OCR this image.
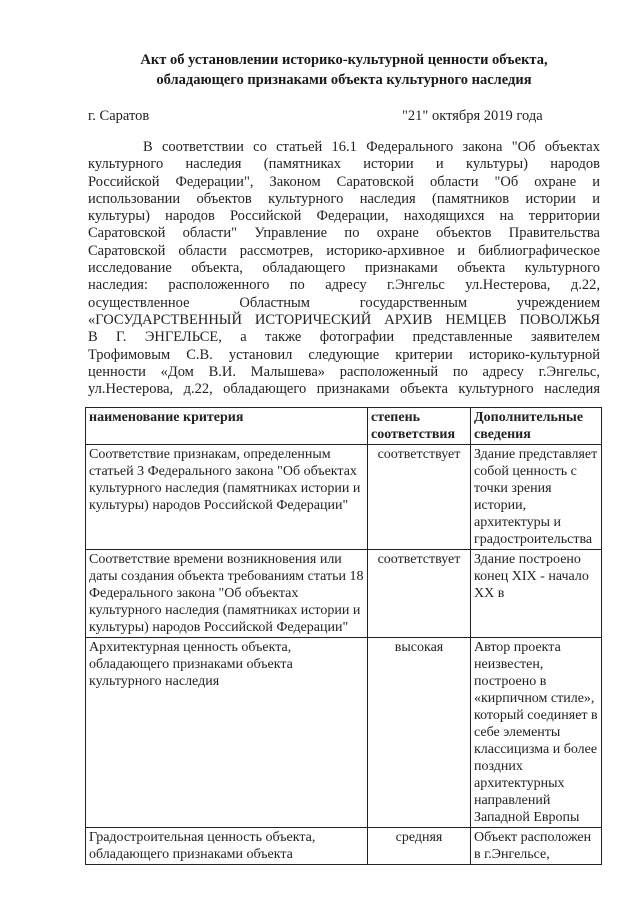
Акт об установлении историко-культурной ценности объекта,
обладающего признаками объекта культурного наследия
г. Саратов	"21" октября 2019 года
В соответствии со статьей 16.1 Федерального закона "Об объектах
культурного наследия (памятниках истории и культуры) народов
Российской Федерации", Законом Саратовской области "Об охране и
использовании объектов культурного наследия (памятников истории и
культуры) народов Российской Федерации, находящихся на территории
Саратовской области" Управление по охране объектов Правительства
Саратовской области рассмотрев, историко-архивное и библиографическое
исследование объекта, обладающего признаками объекта культурного
наследия: расположенного по адресу г.Энгельс ул.Нестерова, д.22,
осуществленное Областным государственным учреждением
«ГОСУДАРСТВЕННЫЙ ИСТОРИЧЕСКИЙ АРХИВ НЕМЦЕВ ПОВОЛЖЬЯ
В Г. ЭНГЕЛЬСЕ, а также фотографии представленные заявителем
Трофимовым С.В. установил следующие критерии историко-культурной
ценности «Дом В.И. Малышева» расположенный по адресу г.Энгельс,
ул.Нестерова, д.22, обладающего признаками объекта культурного наследия
наименование критерия	степень соответствия	Дополнительные сведения
Соответствие признакам, определенным статьей 3 Федерального закона "Об объектах культурного наследия (памятниках истории и культуры) народов Российской Федерации"	соответствует	Здание представляет собой ценность с точки зрения истории, архитектуры и градостроительства
Соответствие времени возникновения или даты создания объекта требованиям статьи 18 Федерального закона "Об объектах культурного наследия (памятниках истории и культуры) народов Российской Федерации"	соответствует	Здание построено конец XIX - начало XX в
Архитектурная ценность объекта, обладающего признаками объекта культурного наследия	высокая	Автор проекта неизвестен, построено в «кирпичном стиле», который соединяет в себе элементы классицизма и более поздних архитектурных направлений Западной Европы
Градостроительная ценность объекта, обладающего признаками объекта	средняя	Объект расположен в г.Энгельсе,
